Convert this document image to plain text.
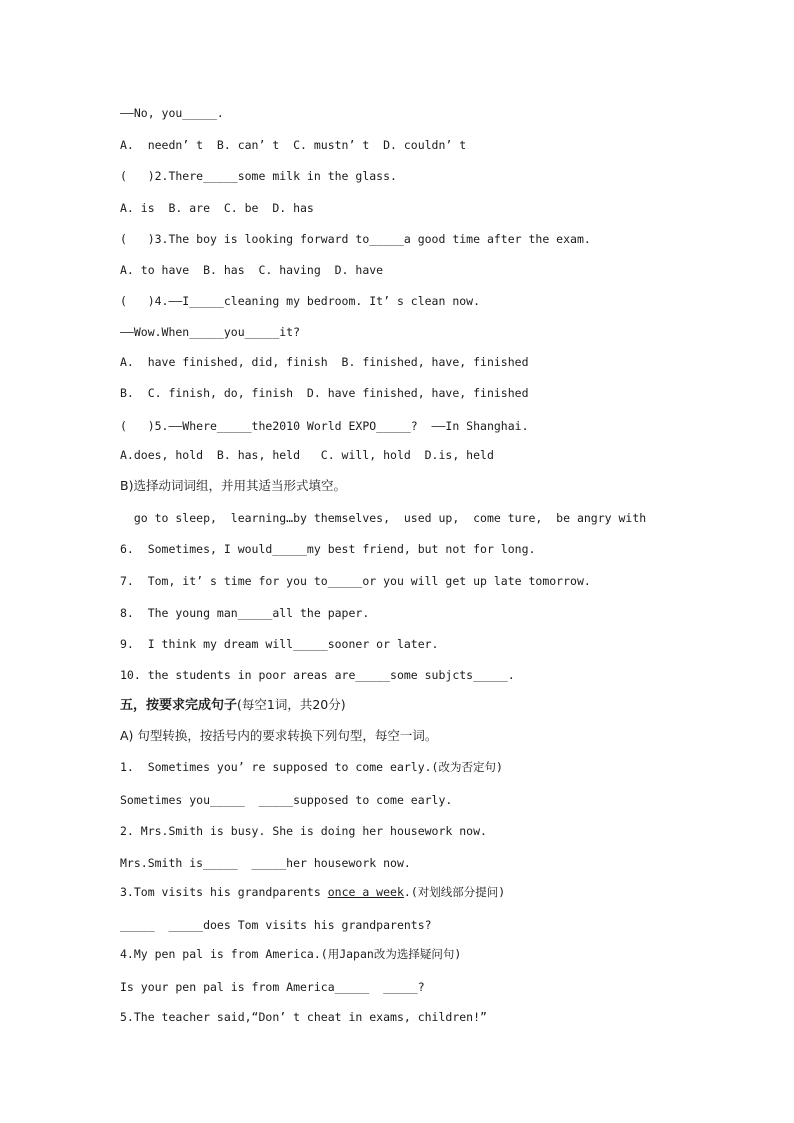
——No, you_____.
A.  needn’ t  B. can’ t  C. mustn’ t  D. couldn’ t
(   )2.There_____some milk in the glass.
A. is  B. are  C. be  D. has
(   )3.The boy is looking forward to_____a good time after the exam.
A. to have  B. has  C. having  D. have
(   )4.——I_____cleaning my bedroom. It’ s clean now.
——Wow.When_____you_____it?
A.  have finished, did, finish  B. finished, have, finished
B.  C. finish, do, finish  D. have finished, have, finished
(   )5.——Where_____the2010 World EXPO_____?  ——In Shanghai.
A.does, hold  B. has, held   C. will, hold  D.is, held
B)选择动词词组，并用其适当形式填空。
go to sleep,  learning…by themselves,  used up,  come ture,  be angry with
6.  Sometimes, I would_____my best friend, but not for long.
7.  Tom, it’ s time for you to_____or you will get up late tomorrow.
8.  The young man_____all the paper.
9.  I think my dream will_____sooner or later.
10. the students in poor areas are_____some subjcts_____.
五，按要求完成句子(每空1词，共20分)
A) 句型转换，按括号内的要求转换下列句型，每空一词。
1.  Sometimes you’ re supposed to come early.(改为否定句)
Sometimes you_____  _____supposed to come early.
2. Mrs.Smith is busy. She is doing her housework now.
Mrs.Smith is_____  _____her housework now.
3.Tom visits his grandparents once a week.(对划线部分提问)
_____  _____does Tom visits his grandparents?
4.My pen pal is from America.(用Japan改为选择疑问句)
Is your pen pal is from America_____  _____?
5.The teacher said,“Don’ t cheat in exams, children!”
